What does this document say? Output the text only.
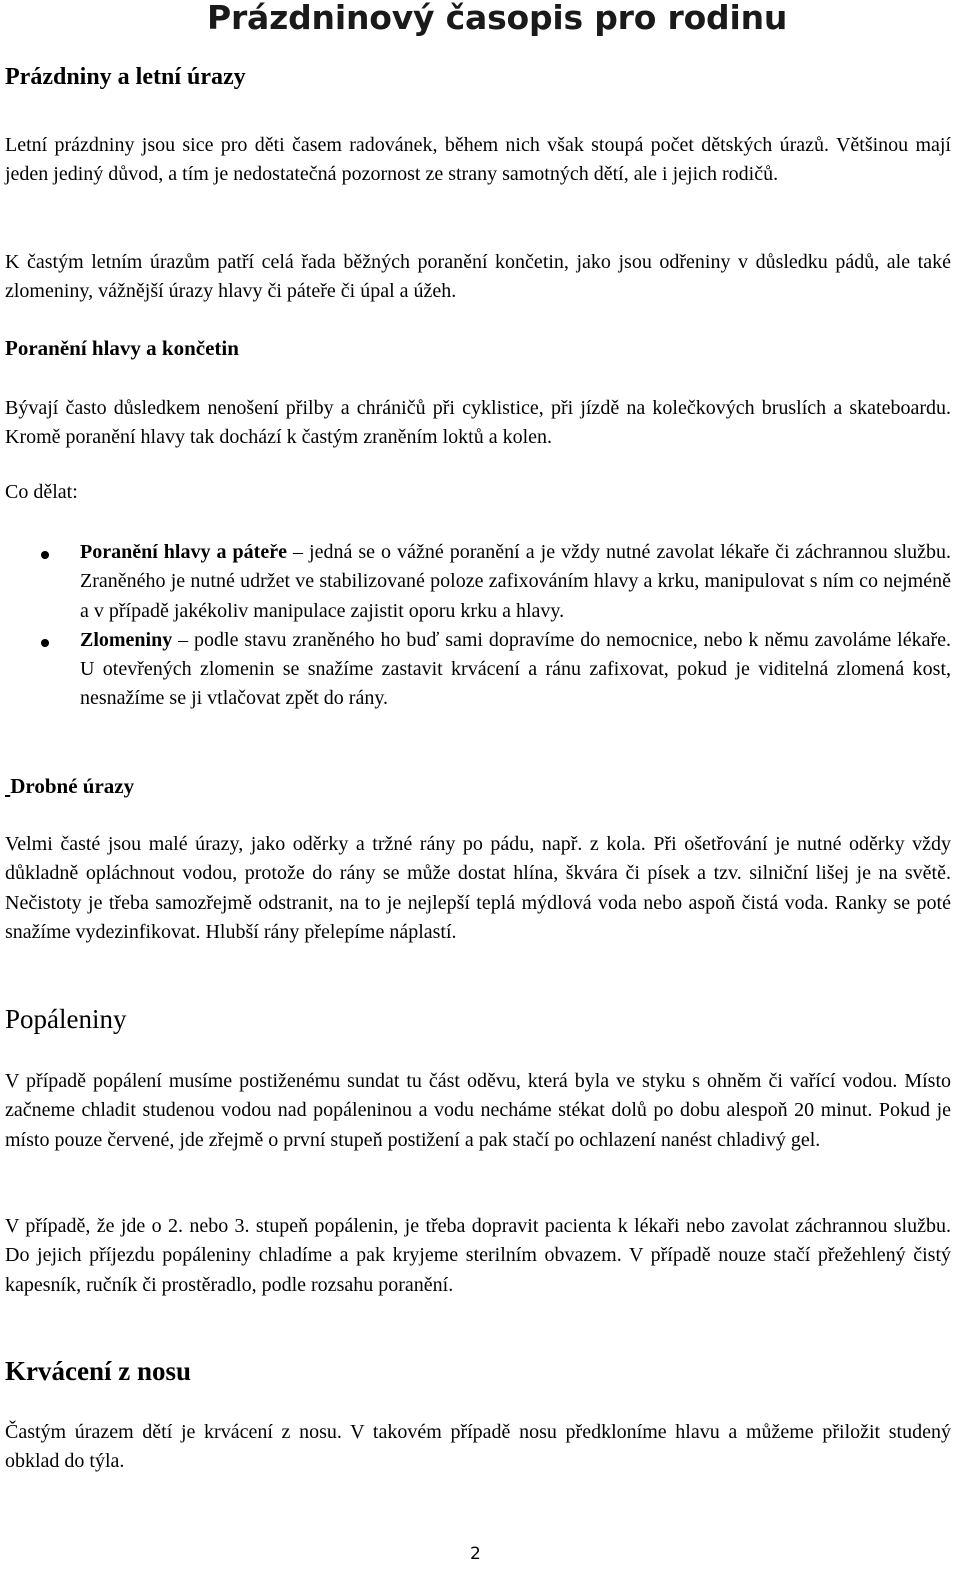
Prázdninový časopis pro rodinu
Prázdniny a letní úrazy
Letní prázdniny jsou sice pro děti časem radovánek, během nich však stoupá počet dětských úrazů. Většinou mají jeden jediný důvod, a tím je nedostatečná pozornost ze strany samotných dětí, ale i jejich rodičů.
K častým letním úrazům patří celá řada běžných poranění končetin, jako jsou odřeniny v důsledku pádů, ale také zlomeniny, vážnější úrazy hlavy či páteře či úpal a úžeh.
Poranění hlavy a končetin
Bývají často důsledkem nenošení přilby a chráničů při cyklistice, při jízdě na kolečkových bruslích a skateboardu. Kromě poranění hlavy tak dochází k častým zraněním loktů a kolen.
Co dělat:
Poranění hlavy a páteře – jedná se o vážné poranění a je vždy nutné zavolat lékaře či záchrannou službu. Zraněného je nutné udržet ve stabilizované poloze zafixováním hlavy a krku, manipulovat s ním co nejméně a v případě jakékoliv manipulace zajistit oporu krku a hlavy.
Zlomeniny – podle stavu zraněného ho buď sami dopravíme do nemocnice, nebo k němu zavoláme lékaře. U otevřených zlomenin se snažíme zastavit krvácení a ránu zafixovat, pokud je viditelná zlomená kost, nesnažíme se ji vtlačovat zpět do rány.
Drobné úrazy
Velmi časté jsou malé úrazy, jako oděrky a tržné rány po pádu, např. z kola. Při ošetřování je nutné oděrky vždy důkladně opláchnout vodou, protože do rány se může dostat hlína, škvára či písek a tzv. silniční lišej je na světě. Nečistoty je třeba samozřejmě odstranit, na to je nejlepší teplá mýdlová voda nebo aspoň čistá voda. Ranky se poté snažíme vydezinfikovat. Hlubší rány přelepíme náplastí.
Popáleniny
V případě popálení musíme postiženému sundat tu část oděvu, která byla ve styku s ohněm či vařící vodou. Místo začneme chladit studenou vodou nad popáleninou a vodu necháme stékat dolů po dobu alespoň 20 minut. Pokud je místo pouze červené, jde zřejmě o první stupeň postižení a pak stačí po ochlazení nanést chladivý gel.
V případě, že jde o 2. nebo 3. stupeň popálenin, je třeba dopravit pacienta k lékaři nebo zavolat záchrannou službu. Do jejich příjezdu popáleniny chladíme a pak kryjeme sterilním obvazem. V případě nouze stačí přežehlený čistý kapesník, ručník či prostěradlo, podle rozsahu poranění.
Krvácení z nosu
Častým úrazem dětí je krvácení z nosu. V takovém případě nosu předkloníme hlavu a můžeme přiložit studený obklad do týla.
2
